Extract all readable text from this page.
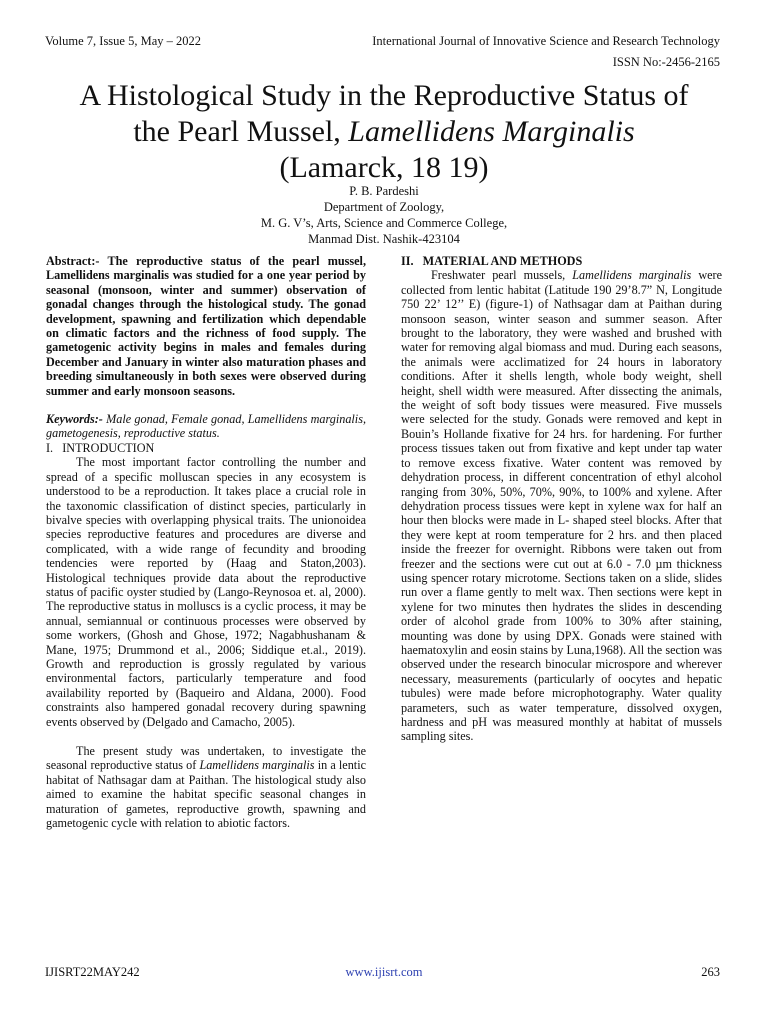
Volume 7, Issue 5, May – 2022	International Journal of Innovative Science and Research Technology
ISSN No:-2456-2165
A Histological Study in the Reproductive Status of
the Pearl Mussel, Lamellidens Marginalis
(Lamarck, 18 19)
P. B. Pardeshi
Department of Zoology,
M. G. V’s, Arts, Science and Commerce College,
Manmad Dist. Nashik-423104

Abstract:- The reproductive status of the pearl mussel, Lamellidens marginalis was studied for a one year period by seasonal (monsoon, winter and summer) observation of gonadal changes through the histological study. The gonad development, spawning and fertilization which dependable on climatic factors and the richness of food supply. The gametogenic activity begins in males and females during December and January in winter also maturation phases and breeding simultaneously in both sexes were observed during summer and early monsoon seasons.

Keywords:- Male gonad, Female gonad, Lamellidens marginalis, gametogenesis, reproductive status.

I.   INTRODUCTION

The most important factor controlling the number and spread of a specific molluscan species in any ecosystem is understood to be a reproduction. It takes place a crucial role in the taxonomic classification of distinct species, particularly in bivalve species with overlapping physical traits. The unionoidea species reproductive features and procedures are diverse and complicated, with a wide range of fecundity and brooding tendencies were reported by (Haag and Staton,2003). Histological techniques provide data about the reproductive status of pacific oyster studied by (Lango-Reynosoa et. al, 2000). The reproductive status in molluscs is a cyclic process, it may be annual, semiannual or continuous processes were observed by some workers, (Ghosh and Ghose, 1972; Nagabhushanam & Mane, 1975; Drummond et al., 2006; Siddique et.al., 2019). Growth and reproduction is grossly regulated by various environmental factors, particularly temperature and food availability reported by (Baqueiro and Aldana, 2000). Food constraints also hampered gonadal recovery during spawning events observed by (Delgado and Camacho, 2005).

The present study was undertaken, to investigate the seasonal reproductive status of Lamellidens marginalis in a lentic habitat of Nathsagar dam at Paithan. The histological study also aimed to examine the habitat specific seasonal changes in maturation of gametes, reproductive growth, spawning and gametogenic cycle with relation to abiotic factors.

II.   MATERIAL AND METHODS

Freshwater pearl mussels, Lamellidens marginalis were collected from lentic habitat (Latitude 190 29’8.7” N, Longitude 750 22’ 12’’ E) (figure-1) of Nathsagar dam at Paithan during monsoon season, winter season and summer season. After brought to the laboratory, they were washed and brushed with water for removing algal biomass and mud. During each seasons, the animals were acclimatized for 24 hours in laboratory conditions. After it shells length, whole body weight, shell height, shell width were measured. After dissecting the animals, the weight of soft body tissues were measured. Five mussels were selected for the study. Gonads were removed and kept in Bouin’s Hollande fixative for 24 hrs. for hardening. For further process tissues taken out from fixative and kept under tap water to remove excess fixative. Water content was removed by dehydration process, in different concentration of ethyl alcohol ranging from 30%, 50%, 70%, 90%, to 100% and xylene. After dehydration process tissues were kept in xylene wax for half an hour then blocks were made in L- shaped steel blocks. After that they were kept at room temperature for 2 hrs. and then placed inside the freezer for overnight. Ribbons were taken out from freezer and the sections were cut out at 6.0 - 7.0 µm thickness using spencer rotary microtome. Sections taken on a slide, slides run over a flame gently to melt wax. Then sections were kept in xylene for two minutes then hydrates the slides in descending order of alcohol grade from 100% to 30% after staining, mounting was done by using DPX. Gonads were stained with haematoxylin and eosin stains by Luna,1968). All the section was observed under the research binocular microspore and wherever necessary, measurements (particularly of oocytes and hepatic tubules) were made before microphotography. Water quality parameters, such as water temperature, dissolved oxygen, hardness and pH was measured monthly at habitat of mussels sampling sites.

IJISRT22MAY242	www.ijisrt.com	263
